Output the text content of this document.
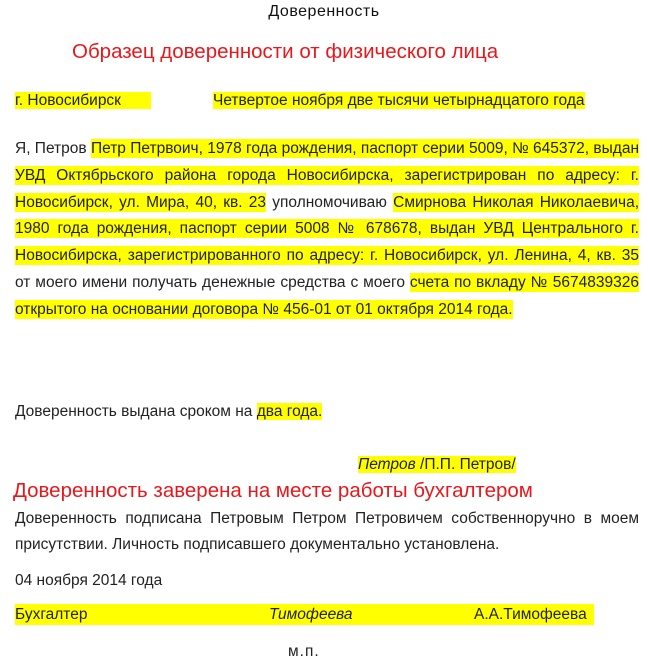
Доверенность
Образец доверенности от физического лица
г. Новосибирск	Четвертое ноября две тысячи четырнадцатого года
Я, Петров Петр Петрвоич, 1978 года рождения, паспорт серии 5009, № 645372, выдан УВД Октябрьского района города Новосибирска, зарегистрирован по адресу: г. Новосибирск, ул. Мира, 40, кв. 23 уполномочиваю Смирнова Николая Николаевича, 1980 года рождения, паспорт серии 5008 № 678678, выдан УВД Центрального г. Новосибирска, зарегистрированного по адресу: г. Новосибирск, ул. Ленина, 4, кв. 35 от моего имени получать денежные средства с моего счета по вкладу № 5674839326 открытого на основании договора № 456-01 от 01 октября 2014 года.
Доверенность выдана сроком на два года.
Петров /П.П. Петров/
Доверенность заверена на месте работы бухгалтером
Доверенность подписана Петровым Петром Петровичем собственноручно в моем присутствии. Личность подписавшего документально установлена.
04 ноября 2014 года
Бухгалтер	Тимофеева	А.А.Тимофеева
м.п.
